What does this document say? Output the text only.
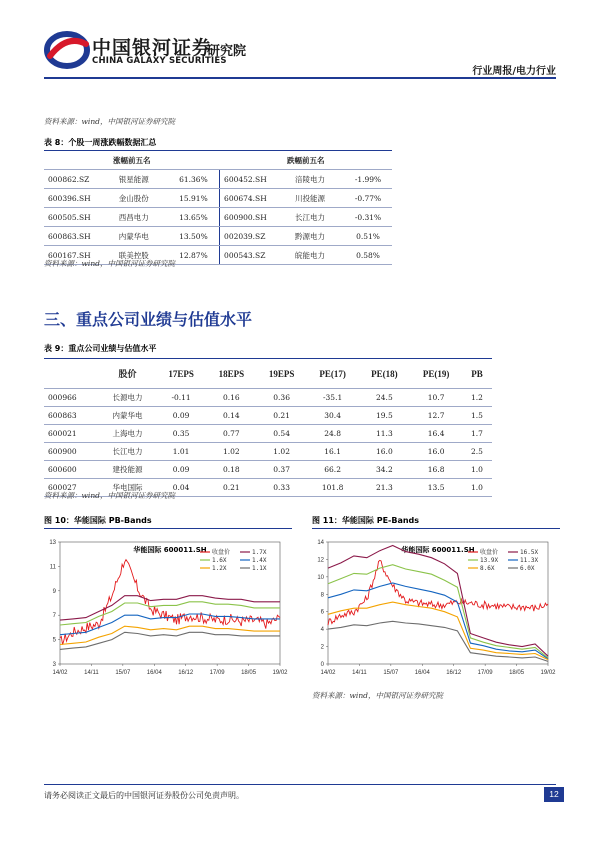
中国银河证券
CHINA GALAXY SECURITIES
研究院
行业周报/电力行业
资料来源：wind，中国银河证券研究院
表 8：个股一周涨跌幅数据汇总
涨幅前五名			跌幅前五名		
000862.SZ	银星能源	61.36%	600452.SH	涪陵电力	-1.99%
600396.SH	金山股份	15.91%	600674.SH	川投能源	-0.77%
600505.SH	西昌电力	13.65%	600900.SH	长江电力	-0.31%
600863.SH	内蒙华电	13.50%	002039.SZ	黔源电力	0.51%
600167.SH	联美控股	12.87%	000543.SZ	皖能电力	0.58%
资料来源：wind，中国银河证券研究院
三、重点公司业绩与估值水平
表 9：重点公司业绩与估值水平
	股价	17EPS	18EPS	19EPS	PE(17)	PE(18)	PE(19)	PB
000966	长源电力	-0.11	0.16	0.36	-35.1	24.5	10.7	1.2
600863	内蒙华电	0.09	0.14	0.21	30.4	19.5	12.7	1.5
600021	上海电力	0.35	0.77	0.54	24.8	11.3	16.4	1.7
600900	长江电力	1.01	1.02	1.02	16.1	16.0	16.0	2.5
600600	建投能源	0.09	0.18	0.37	66.2	34.2	16.8	1.0
600027	华电国际	0.04	0.21	0.33	101.8	21.3	13.5	1.0
资料来源：wind，中国银河证券研究院
图 10：华能国际 PB-Bands	图 11：华能国际 PE-Bands
华能国际 600011.SH
3
5
7
9
11
13
14/02	14/11	15/07	16/04	16/12	17/09	18/05	19/02
收盘价	1.7X
1.6X	1.4X
1.2X	1.1X
华能国际 600011.SH
0
2
4
6
8
10
12
14
14/02	14/11	15/07	16/04	16/12	17/09	18/05	19/02
收盘价	16.5X
13.9X	11.3X
8.6X	6.0X
资料来源：wind，中国银河证券研究院
请务必阅读正文最后的中国银河证券股份公司免责声明。	12
